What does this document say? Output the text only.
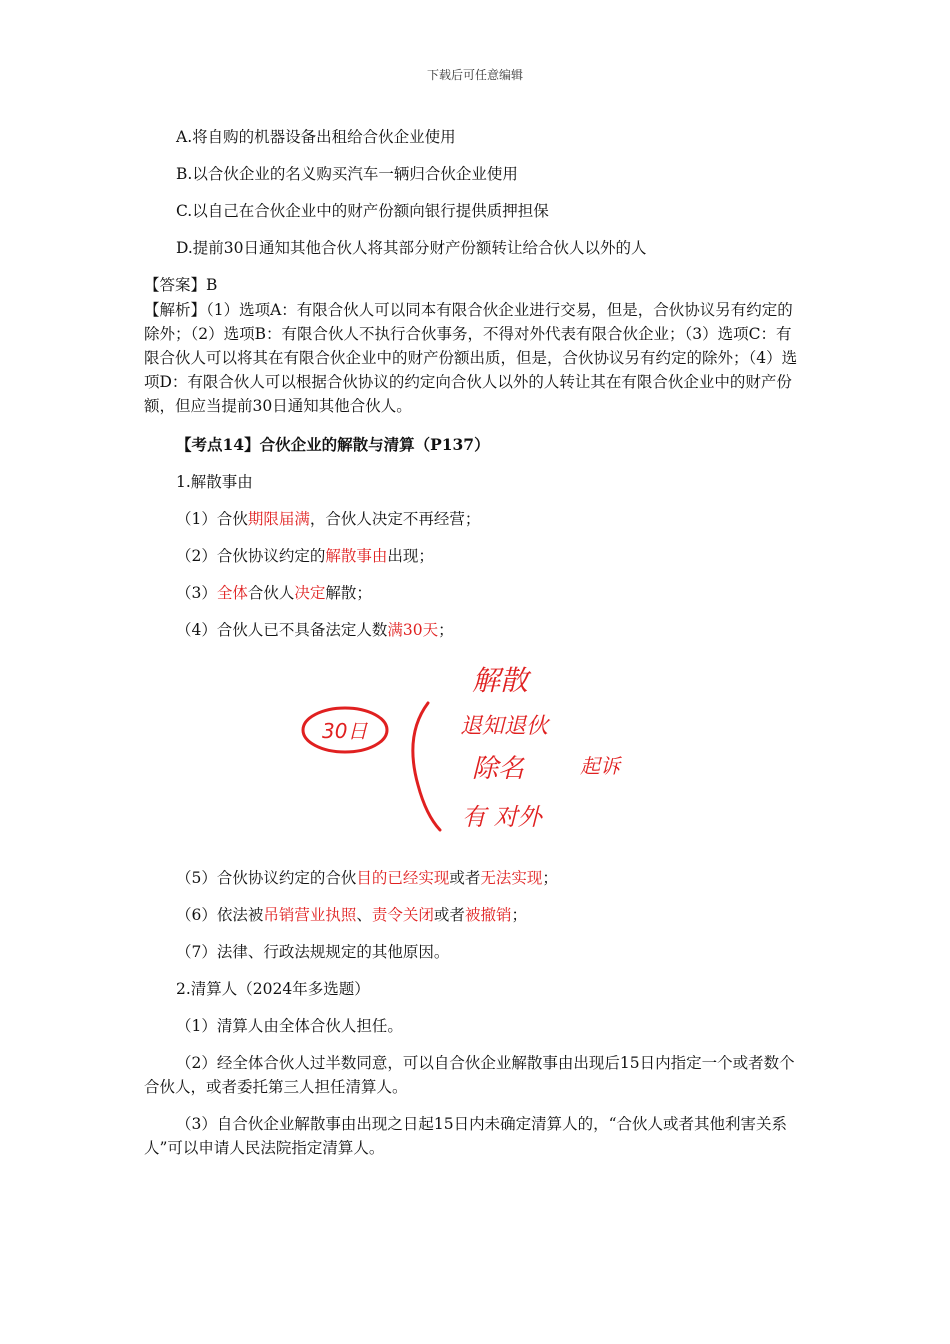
下载后可任意编辑
A.将自购的机器设备出租给合伙企业使用
B.以合伙企业的名义购买汽车一辆归合伙企业使用
C.以自己在合伙企业中的财产份额向银行提供质押担保
D.提前30日通知其他合伙人将其部分财产份额转让给合伙人以外的人
【答案】B
【解析】（1）选项A：有限合伙人可以同本有限合伙企业进行交易，但是，合伙协议另有约定的除外；（2）选项B：有限合伙人不执行合伙事务，不得对外代表有限合伙企业；（3）选项C：有限合伙人可以将其在有限合伙企业中的财产份额出质，但是，合伙协议另有约定的除外；（4）选项D：有限合伙人可以根据合伙协议的约定向合伙人以外的人转让其在有限合伙企业中的财产份额，但应当提前30日通知其他合伙人。
【考点14】合伙企业的解散与清算（P137）
1.解散事由
（1）合伙期限届满，合伙人决定不再经营；
（2）合伙协议约定的解散事由出现；
（3）全体合伙人决定解散；
（4）合伙人已不具备法定人数满30天；
30日
解散
退知退伙
除名	起诉
有 对外
（5）合伙协议约定的合伙目的已经实现或者无法实现；
（6）依法被吊销营业执照、责令关闭或者被撤销；
（7）法律、行政法规规定的其他原因。
2.清算人（2024年多选题）
（1）清算人由全体合伙人担任。
（2）经全体合伙人过半数同意，可以自合伙企业解散事由出现后15日内指定一个或者数个合伙人，或者委托第三人担任清算人。
（3）自合伙企业解散事由出现之日起15日内未确定清算人的，“合伙人或者其他利害关系人”可以申请人民法院指定清算人。
